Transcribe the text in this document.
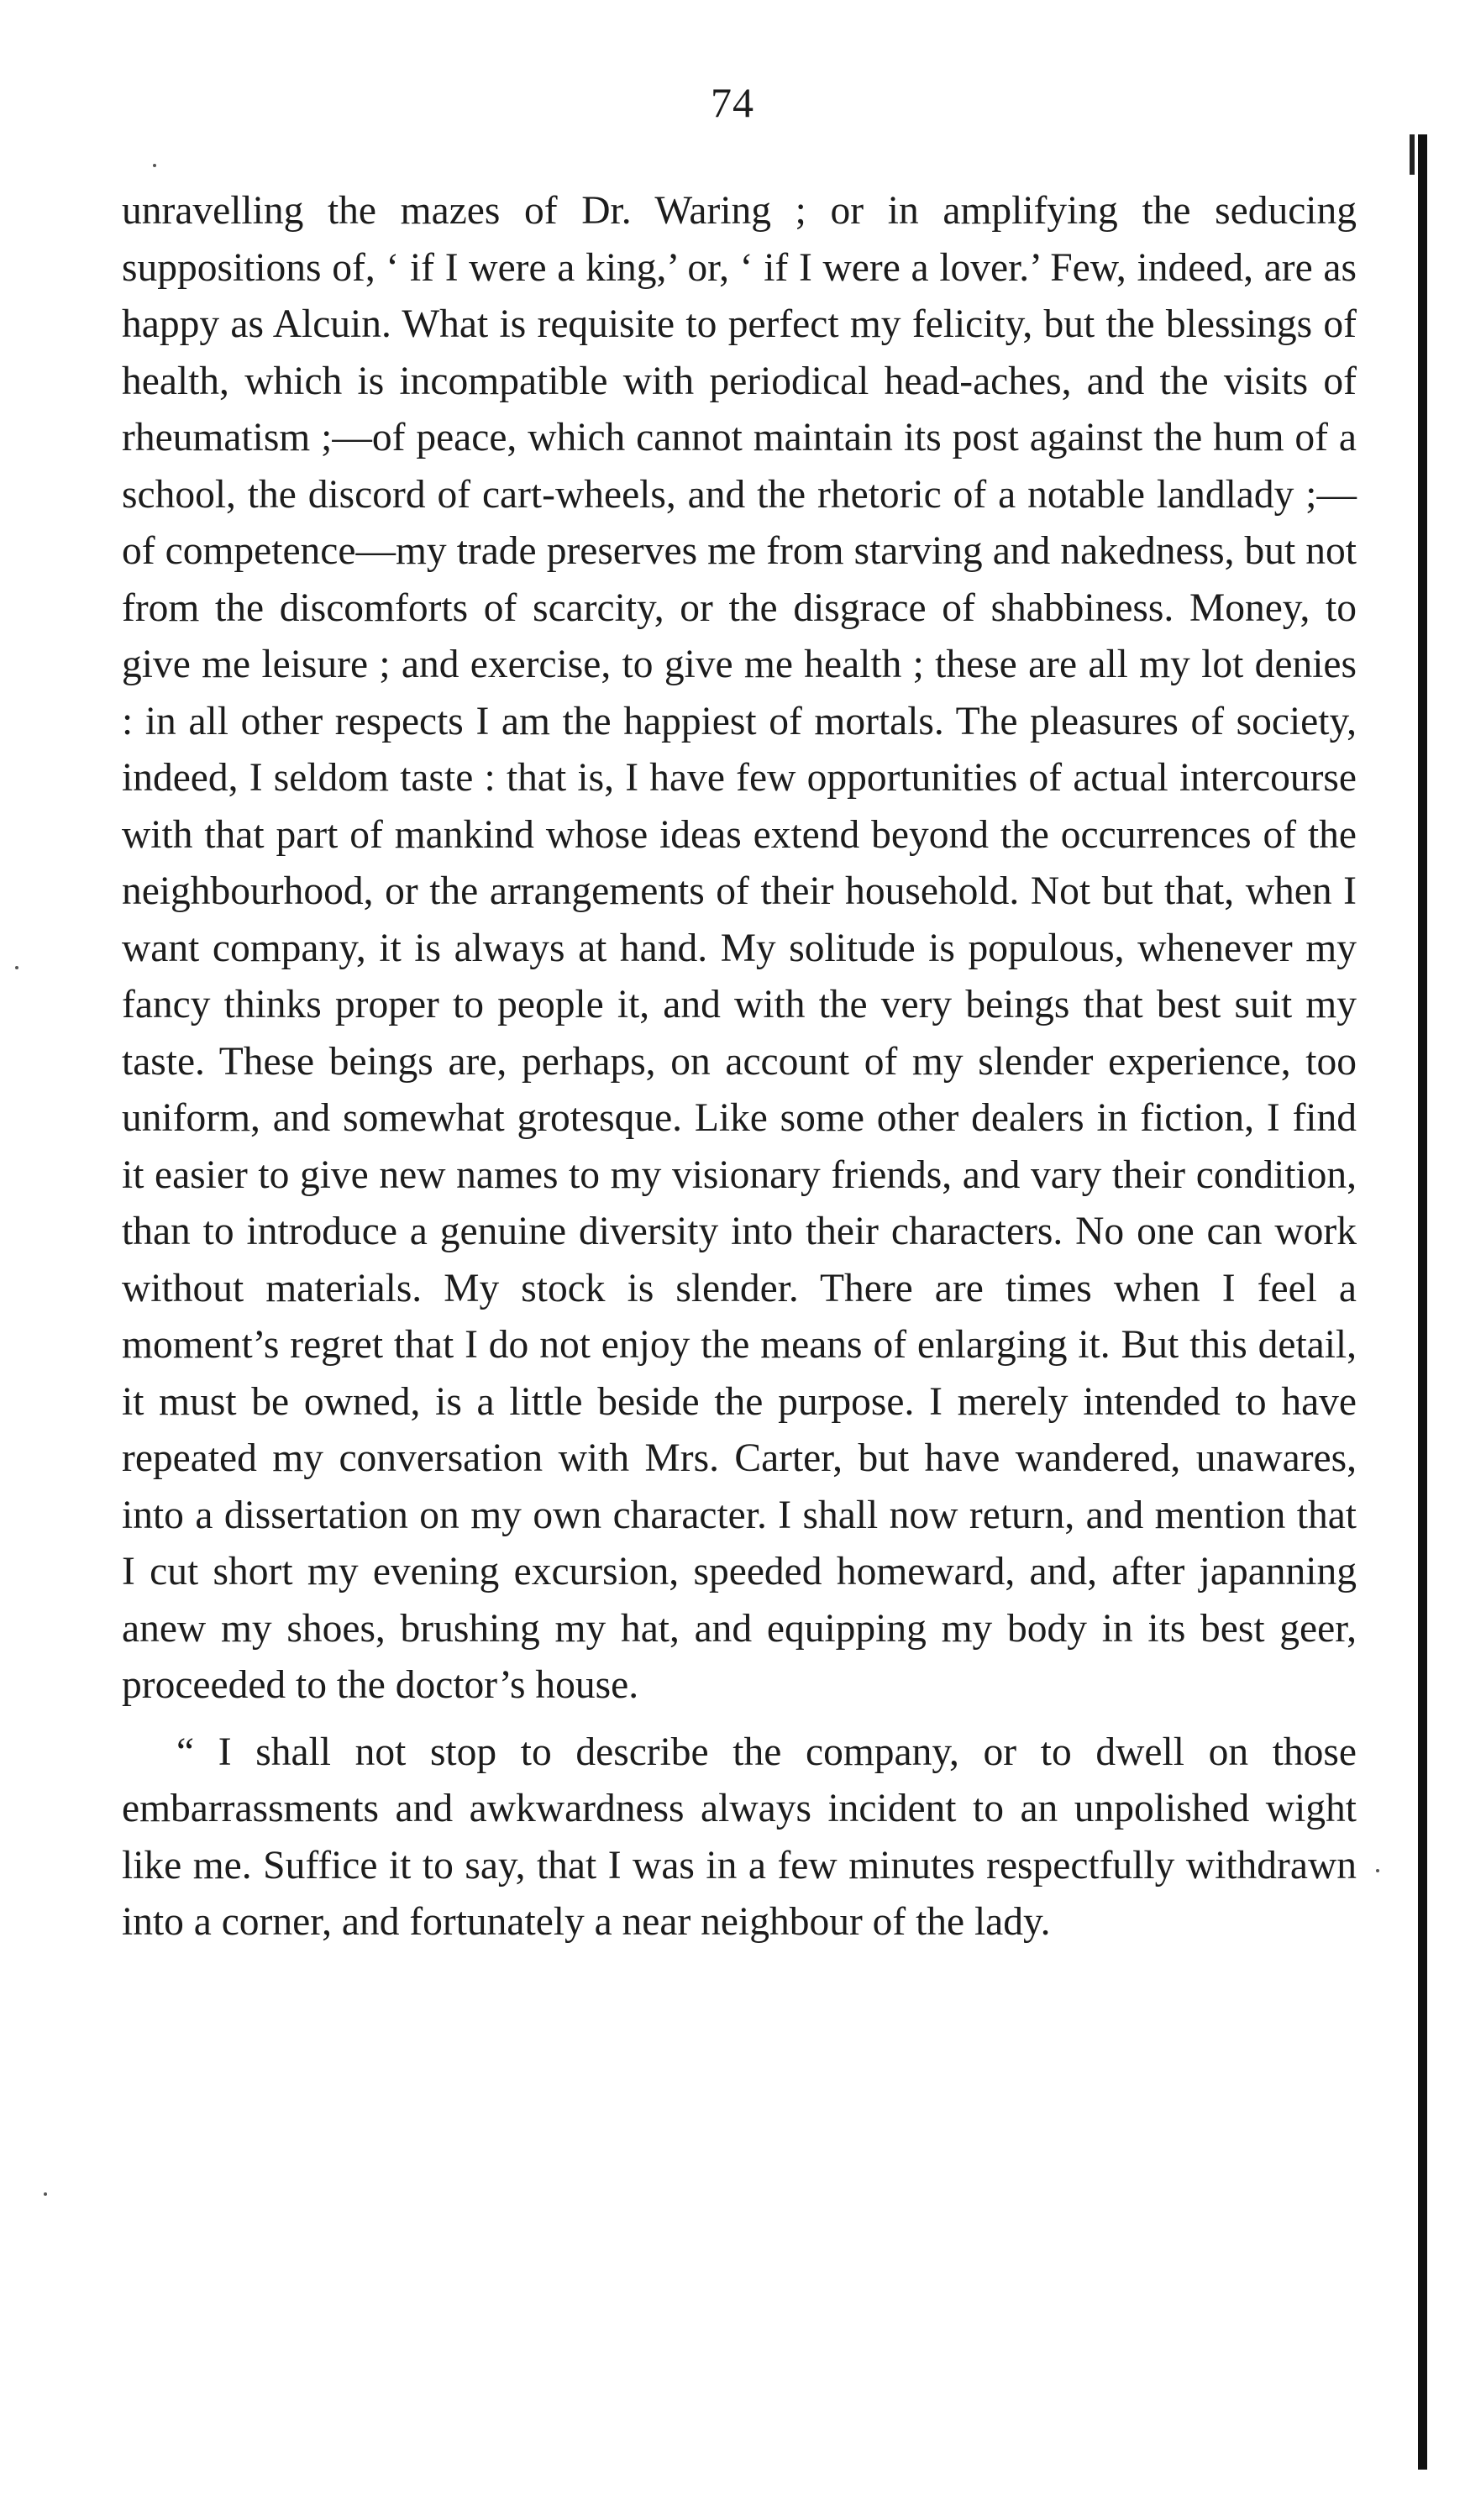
74

unravelling the mazes of Dr. Waring ; or in amplifying the seducing suppositions of, ‘ if I were a king,’ or, ‘ if I were a lover.’ Few, indeed, are as happy as Alcuin. What is requisite to perfect my felicity, but the blessings of health, which is incompatible with periodical head-aches, and the visits of rheumatism ;—of peace, which cannot maintain its post against the hum of a school, the discord of cart-wheels, and the rhetoric of a notable landlady ;—of competence—my trade preserves me from starving and nakedness, but not from the discomforts of scarcity, or the disgrace of shabbiness. Money, to give me leisure ; and exercise, to give me health ; these are all my lot denies : in all other respects I am the happiest of mortals. The pleasures of society, indeed, I seldom taste : that is, I have few opportunities of actual intercourse with that part of mankind whose ideas extend beyond the occurrences of the neighbourhood, or the arrangements of their household. Not but that, when I want company, it is always at hand. My solitude is populous, whenever my fancy thinks proper to people it, and with the very beings that best suit my taste. These beings are, perhaps, on account of my slender experience, too uniform, and somewhat grotesque. Like some other dealers in fiction, I find it easier to give new names to my visionary friends, and vary their condition, than to introduce a genuine diversity into their characters. No one can work without materials. My stock is slender. There are times when I feel a moment’s regret that I do not enjoy the means of enlarging it. But this detail, it must be owned, is a little beside the purpose. I merely intended to have repeated my conversation with Mrs. Carter, but have wandered, unawares, into a dissertation on my own character. I shall now return, and mention that I cut short my evening excursion, speeded homeward, and, after japanning anew my shoes, brushing my hat, and equipping my body in its best geer, proceeded to the doctor’s house.

“ I shall not stop to describe the company, or to dwell on those embarrassments and awkwardness always incident to an unpolished wight like me. Suffice it to say, that I was in a few minutes respectfully withdrawn into a corner, and fortunately a near neighbour of the lady.
